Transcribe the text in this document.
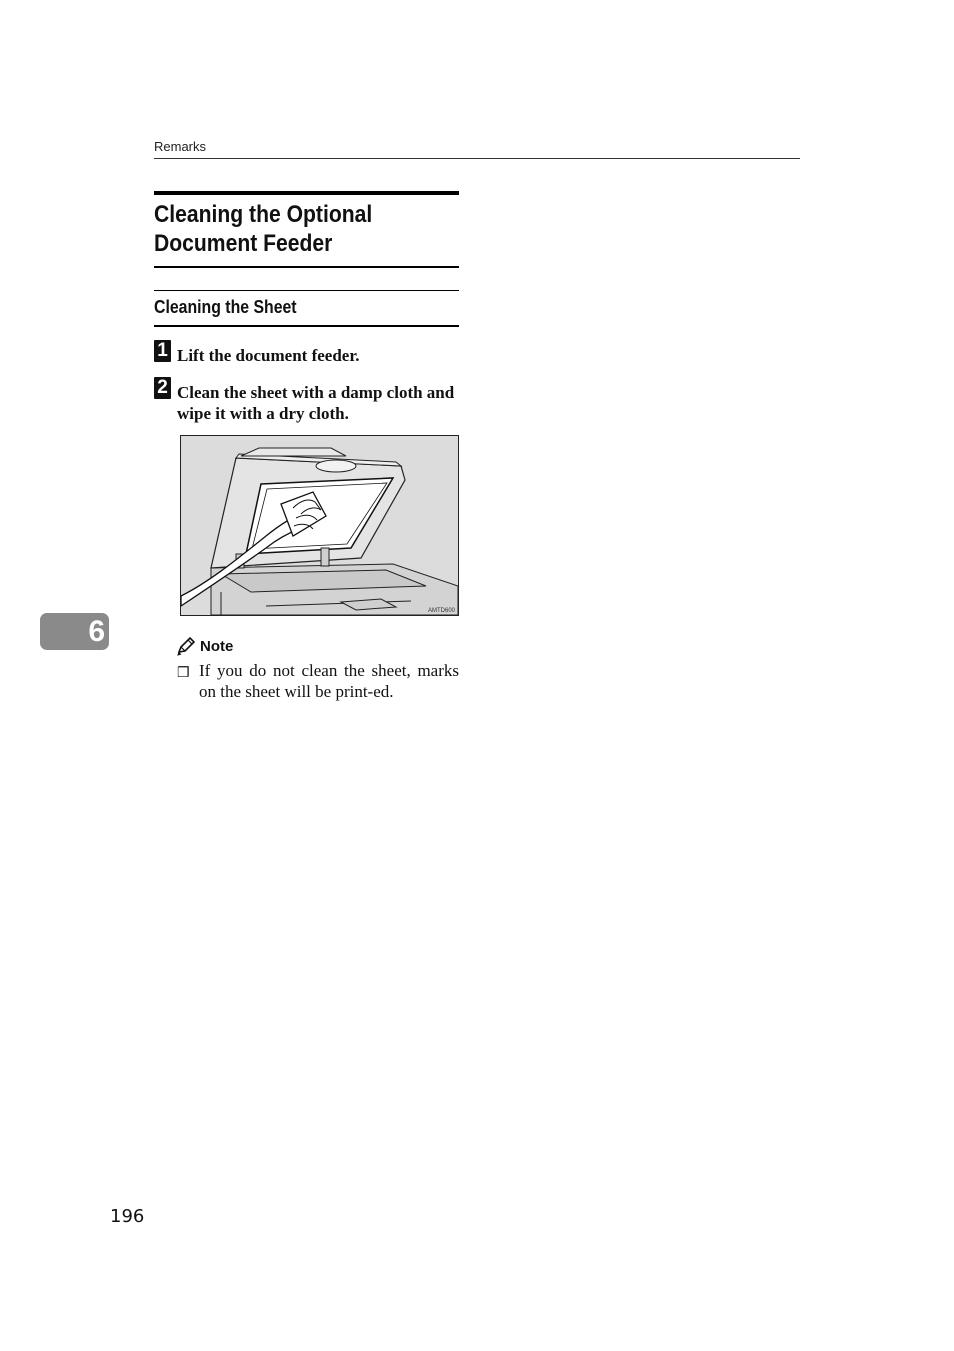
Remarks
Cleaning the Optional
Document Feeder
Cleaning the Sheet
1 Lift the document feeder.
2 Clean the sheet with a damp cloth and wipe it with a dry cloth.
AMTD600
6	Note
❒ If you do not clean the sheet, marks on the sheet will be print-ed.
196
